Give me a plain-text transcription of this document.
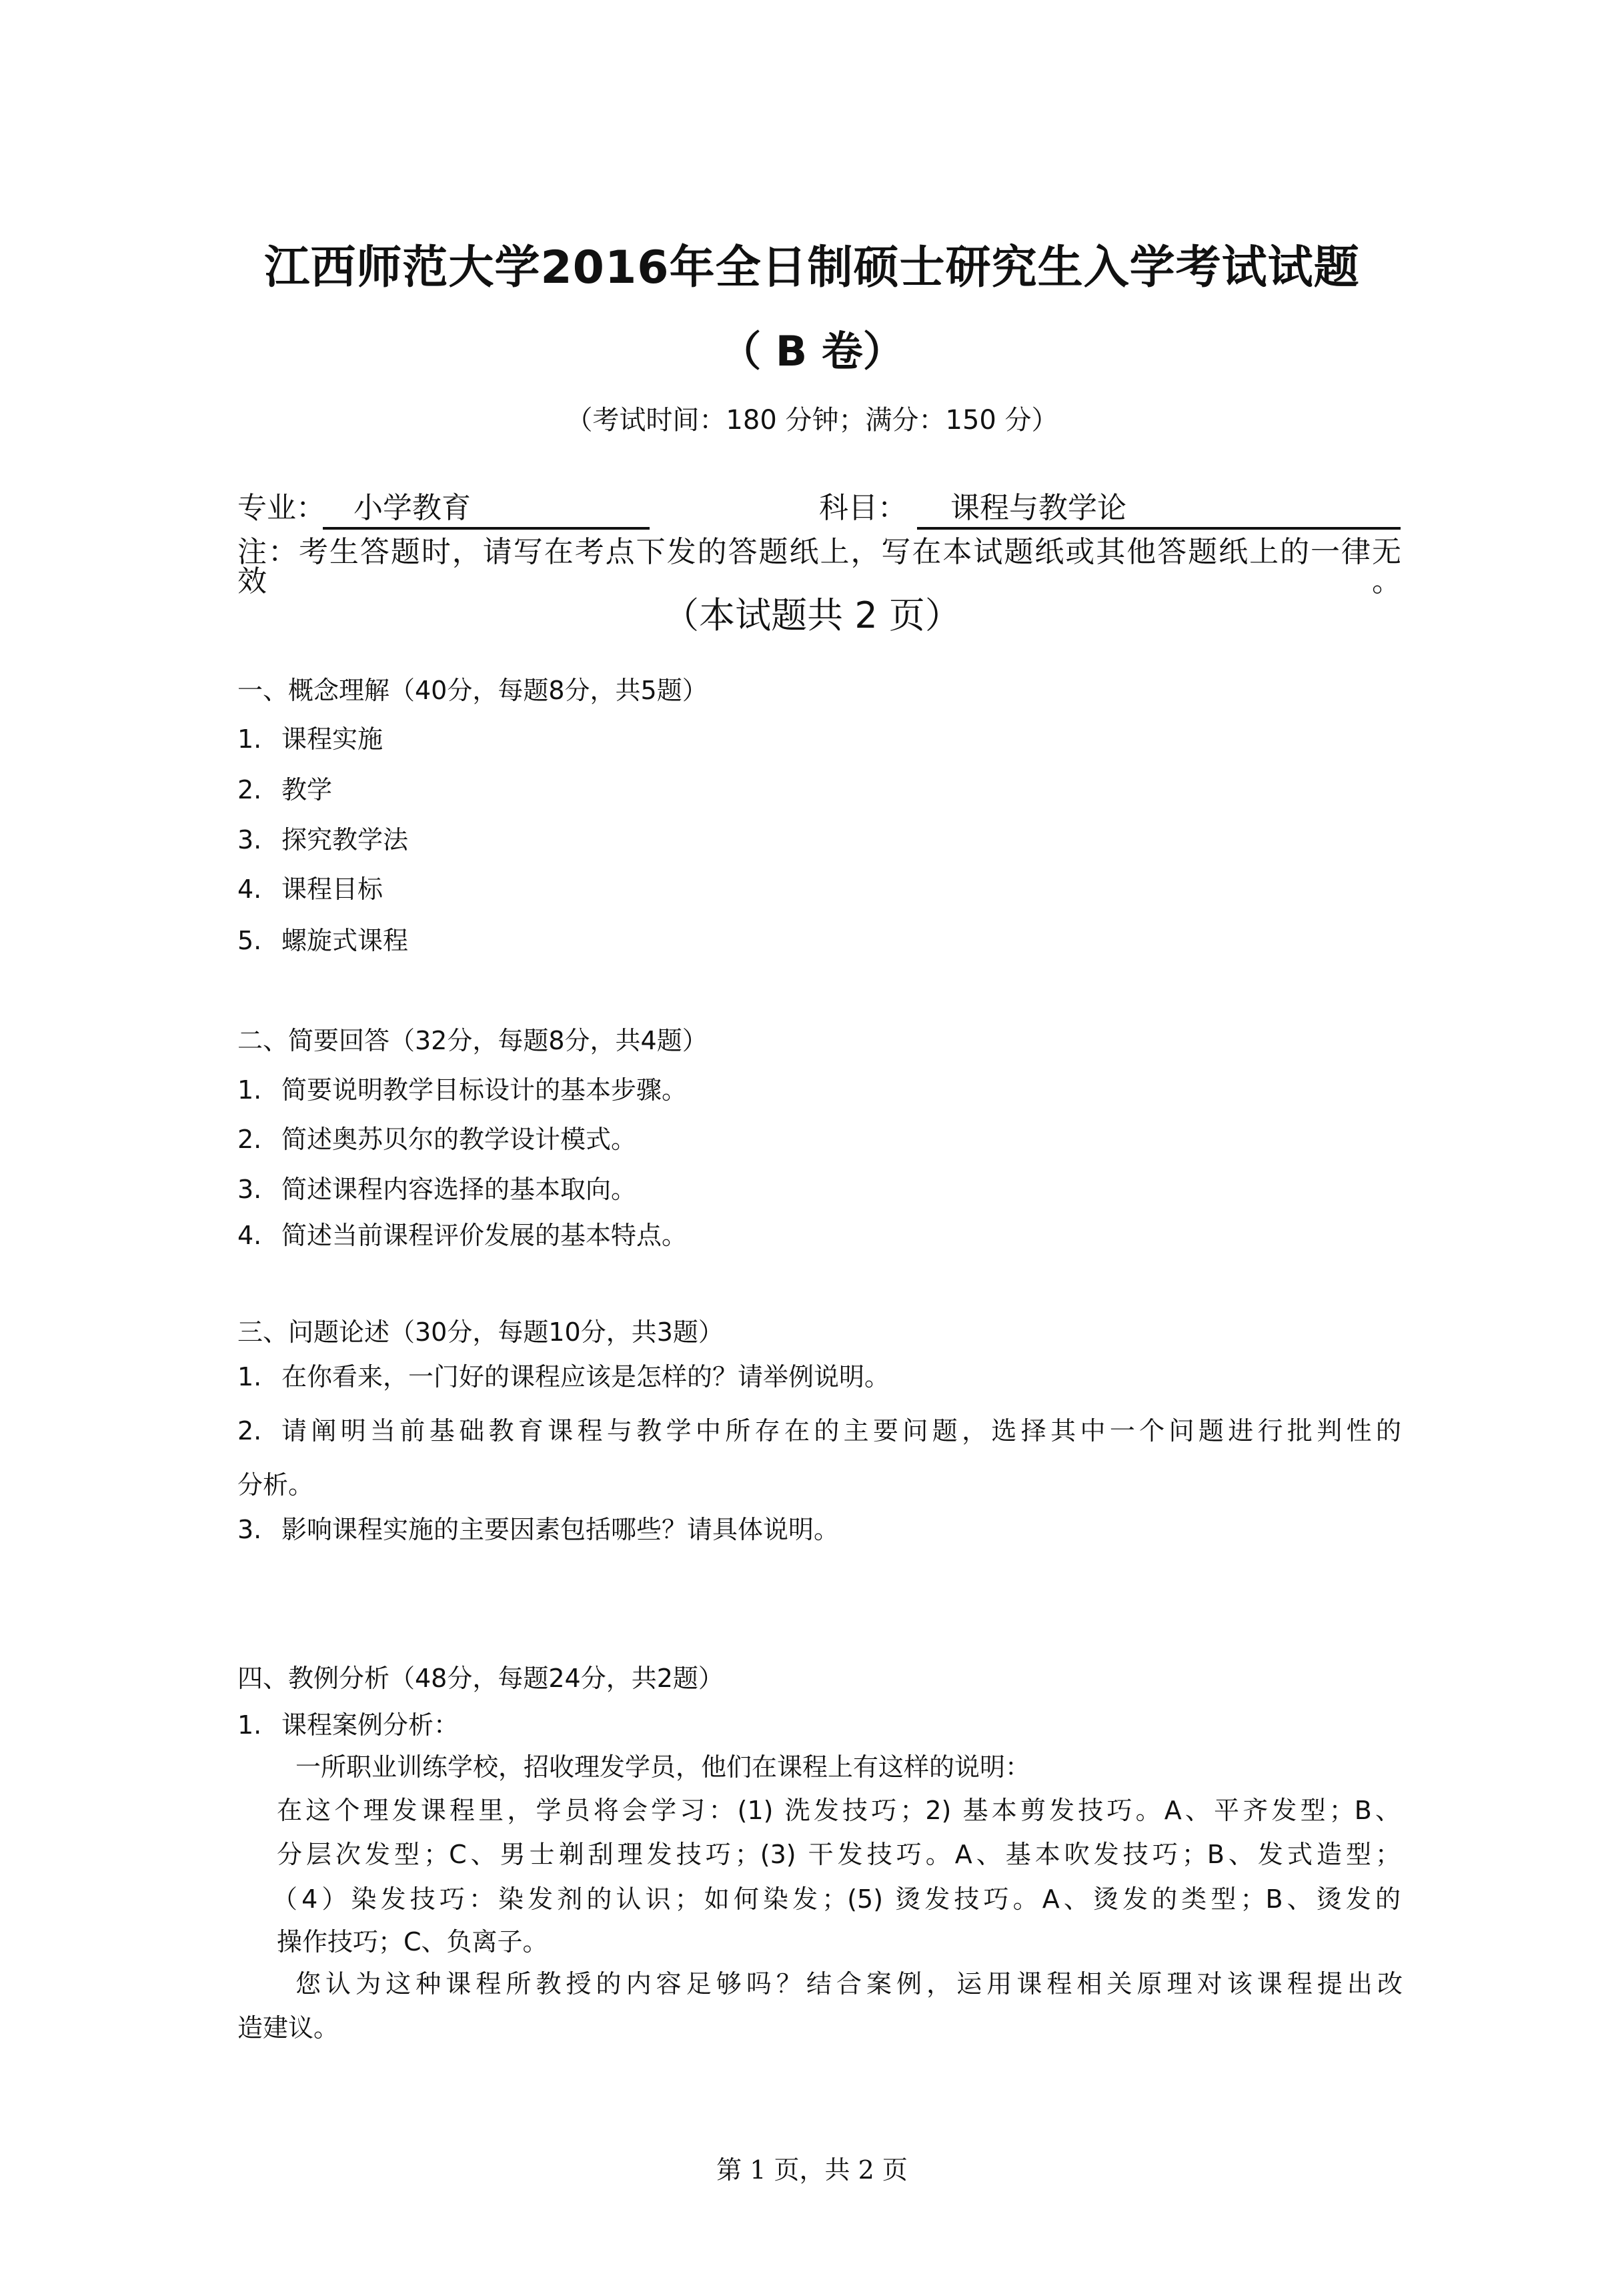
江西师范大学2016年全日制硕士研究生入学考试试题
（ B 卷）
（考试时间：180 分钟；满分：150 分）
专业： 小学教育	科目： 课程与教学论
注：考生答题时，请写在考点下发的答题纸上，写在本试题纸或其他答题纸上的一律无效。
（本试题共 2 页）
一、概念理解（40分，每题8分，共5题）
1. 课程实施
2. 教学
3. 探究教学法
4. 课程目标
5. 螺旋式课程
二、简要回答（32分，每题8分，共4题）
1. 简要说明教学目标设计的基本步骤。
2. 简述奥苏贝尔的教学设计模式。
3. 简述课程内容选择的基本取向。
4. 简述当前课程评价发展的基本特点。
三、问题论述（30分，每题10分，共3题）
1. 在你看来，一门好的课程应该是怎样的？请举例说明。
2. 请阐明当前基础教育课程与教学中所存在的主要问题，选择其中一个问题进行批判性的
分析。
3. 影响课程实施的主要因素包括哪些？请具体说明。
四、教例分析（48分，每题24分，共2题）
1. 课程案例分析：
一所职业训练学校，招收理发学员，他们在课程上有这样的说明：
在这个理发课程里，学员将会学习：(1) 洗发技巧；2) 基本剪发技巧。A、平齐发型；B、
分层次发型；C、男士剃刮理发技巧；(3) 干发技巧。A、基本吹发技巧；B、发式造型；
（4）染发技巧：染发剂的认识；如何染发；(5) 烫发技巧。A、烫发的类型；B、烫发的
操作技巧；C、负离子。
您认为这种课程所教授的内容足够吗？结合案例，运用课程相关原理对该课程提出改
造建议。
第 1 页，共 2 页
